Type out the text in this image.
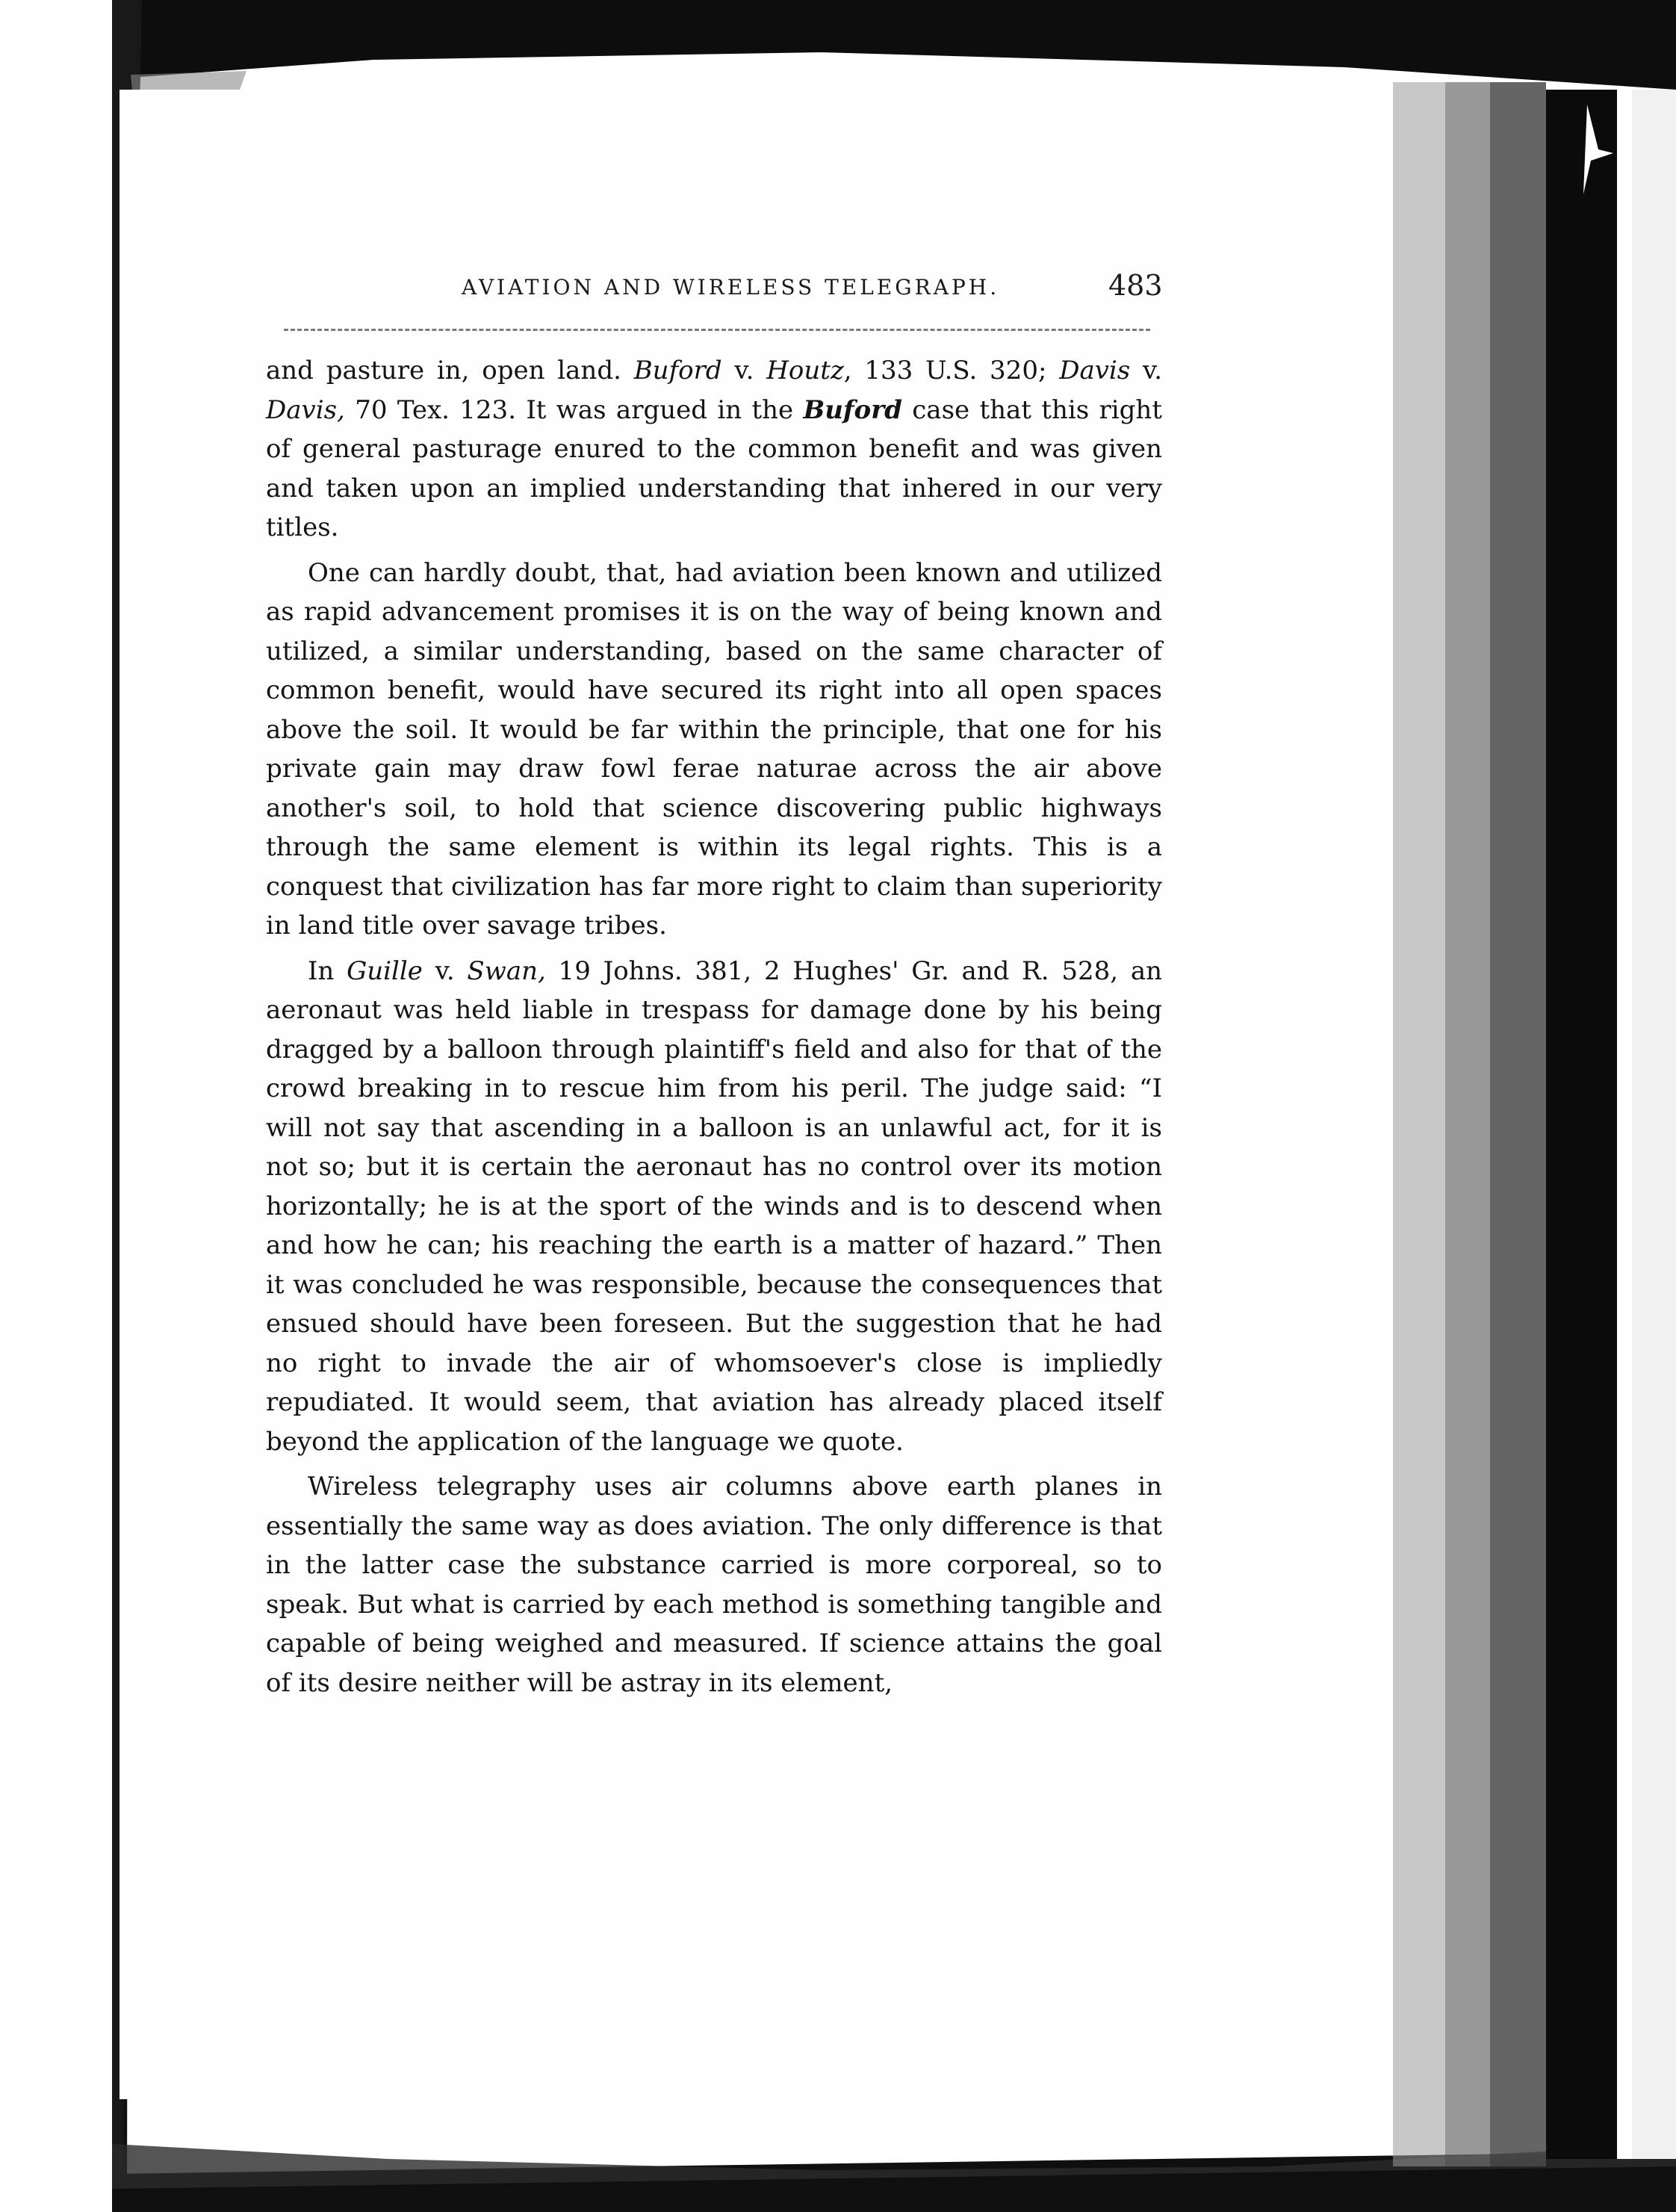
AVIATION AND WIRELESS TELEGRAPH.	483

and pasture in, open land. Buford v. Houtz, 133 U.S. 320; Davis v. Davis, 70 Tex. 123. It was argued in the Buford case that this right of general pasturage enured to the common benefit and was given and taken upon an implied understanding that inhered in our very titles.

One can hardly doubt, that, had aviation been known and utilized as rapid advancement promises it is on the way of being known and utilized, a similar understanding, based on the same character of common benefit, would have secured its right into all open spaces above the soil. It would be far within the principle, that one for his private gain may draw fowl ferae naturae across the air above another's soil, to hold that science discovering public highways through the same element is within its legal rights. This is a conquest that civilization has far more right to claim than superiority in land title over savage tribes.

In Guille v. Swan, 19 Johns. 381, 2 Hughes' Gr. and R. 528, an aeronaut was held liable in trespass for damage done by his being dragged by a balloon through plaintiff's field and also for that of the crowd breaking in to rescue him from his peril. The judge said: “I will not say that ascending in a balloon is an unlawful act, for it is not so; but it is certain the aeronaut has no control over its motion horizontally; he is at the sport of the winds and is to descend when and how he can; his reaching the earth is a matter of hazard.” Then it was concluded he was responsible, because the consequences that ensued should have been foreseen. But the suggestion that he had no right to invade the air of whomsoever's close is impliedly repudiated. It would seem, that aviation has already placed itself beyond the application of the language we quote.

Wireless telegraphy uses air columns above earth planes in essentially the same way as does aviation. The only difference is that in the latter case the substance carried is more corporeal, so to speak. But what is carried by each method is something tangible and capable of being weighed and measured. If science attains the goal of its desire neither will be astray in its element,
